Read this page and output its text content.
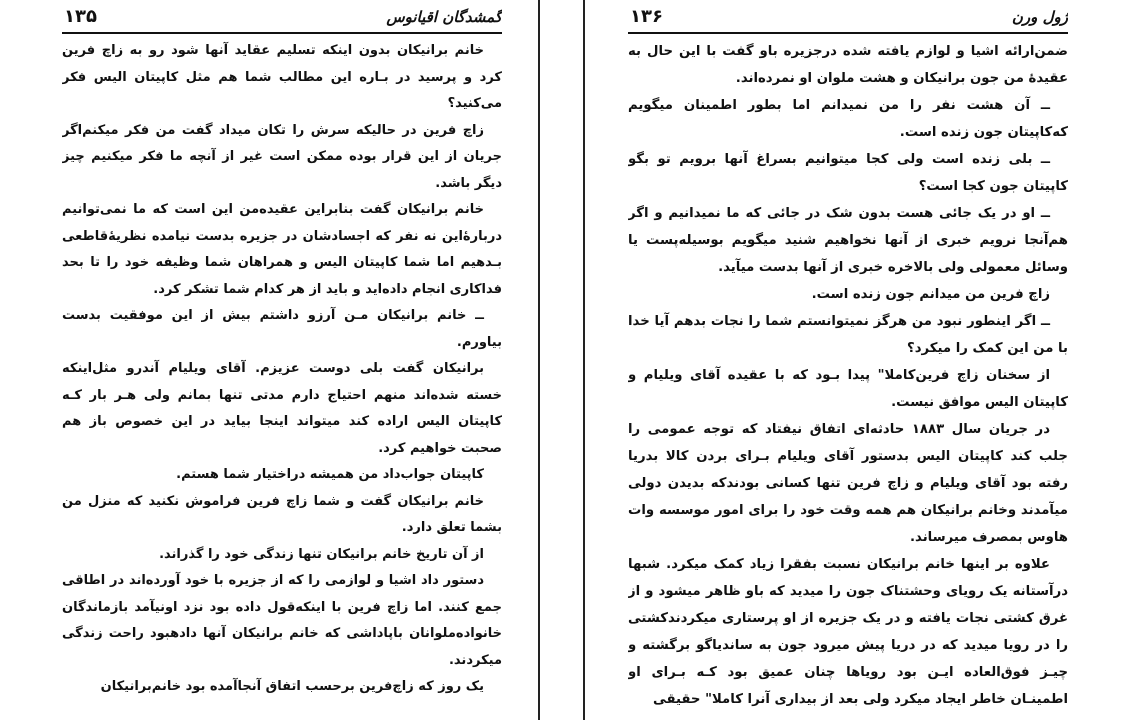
گمشدگان اقیانوس
۱۳۵

خانم برانیکان بدون اینکه تسلیم عقاید آنها شود رو به زاچ فرین کرد و پرسید در بـاره این مطالب شما هم مثل کاپیتان الیس فکر می‌کنید؟

زاچ فرین در حالیکه سرش را تکان میداد گفت من فکر میکنم‌اگر جریان از این قرار بوده ممکن است غیر از آنچه ما فکر میکنیم چیز دیگر باشد.

خانم برانیکان گفت بنابراین عقیده‌من این است که ما نمی‌توانیم دربارهٔ‌این نه نفر که اجسادشان در جزیره بدست نیامده نظریهٔ‌قاطعی بـدهیم اما شما کاپیتان الیس و همراهان شما وظیفه خود را تا بحد فداکاری انجام داده‌اید و باید از هر کدام شما تشکر کرد.

ــ خانم برانیکان مـن آرزو داشتم بیش از این موفقیت بدست بیاورم.

برانیکان گفت بلی دوست عزیزم. آقای ویلیام آندرو مثل‌اینکه خسته شده‌اند منهم احتیاج دارم مدتی تنها بمانم ولی هـر بار کـه کاپیتان الیس اراده کند میتواند اینجا بیاید در این خصوص باز هم صحبت خواهیم کرد.

کاپیتان جواب‌داد من همیشه دراختیار شما هستم.

خانم برانیکان گفت و شما زاچ فرین فراموش نکنید که منزل من بشما تعلق دارد.

از آن تاریخ خانم برانیکان تنها زندگی خود را گذراند.

دستور داد اشیا و لوازمی را که از جزیره با خود آورده‌اند در اطاقی جمع کنند. اما زاچ فرین با اینکه‌قول داده بود نزد اونیآمد بازماندگان خانواده‌ملوانان باپاداشی که خانم برانیکان آنها دادهبود راحت زندگی میکردند.

یک روز که زاچ‌فرین برحسب اتفاق آنجا‌آمده بود خانم‌برانیکان

ژول ورن
۱۳۶

ضمن‌ارائه اشیا و لوازم یافته شده درجزیره باو گفت با این حال به عقیدهٔ من جون برانیکان و هشت ملوان او نمرده‌اند.

ــ آن هشت نفر را من نمیدانم اما بطور اطمینان میگویم که‌کاپیتان جون زنده است.

ــ بلی زنده است ولی کجا میتوانیم بسراغ آنها برویم تو بگو کاپیتان جون کجا است؟

ــ او در یک جائی هست بدون شک در جائی که ما نمیدانیم و اگر هم‌آنجا نرویم خبری از آنها نخواهیم شنید میگویم بوسیله‌پست یا وسائل معمولی ولی بالاخره خبری از آنها بدست میآید.

زاچ فرین من میدانم جون زنده است.

ــ اگر اینطور نبود من هرگز نمیتوانستم شما را نجات بدهم آیا خدا با من این کمک را میکرد؟

از سخنان زاچ فرین‌کاملا" پیدا بـود که با عقیده آقای ویلیام و کاپیتان الیس موافق نیست.

در جریان سال ۱۸۸۳ حادثه‌ای اتفاق نیفتاد که توجه عمومی را جلب کند کاپیتان الیس بدستور آقای ویلیام بـرای بردن کالا بدریا رفته بود آقای ویلیام و زاچ فرین تنها کسانی بودند‌که بدیدن دولی میآمدند وخانم برانیکان هم همه وقت خود را برای امور موسسه وات هاوس بمصرف میرساند.

علاوه بر اینها خانم برانیکان نسبت بفقرا زیاد کمک میکرد. شبها درآستانه یک رویای وحشتناک جون را میدید که باو ظاهر میشود و از غرق کشتی نجات یافته و در یک جزیره از او پرستاری میکرد‌ندکشتی را در رویا میدید که در دریا پیش میرود جون به ساندیاگو برگشته و چیـز فوق‌العاده ایـن بود رویاها چنان عمیق بود کـه بـرای او اطمینـان خاطر ایجاد میکرد ولی بعد از بیداری آنرا کاملا" حقیقی
